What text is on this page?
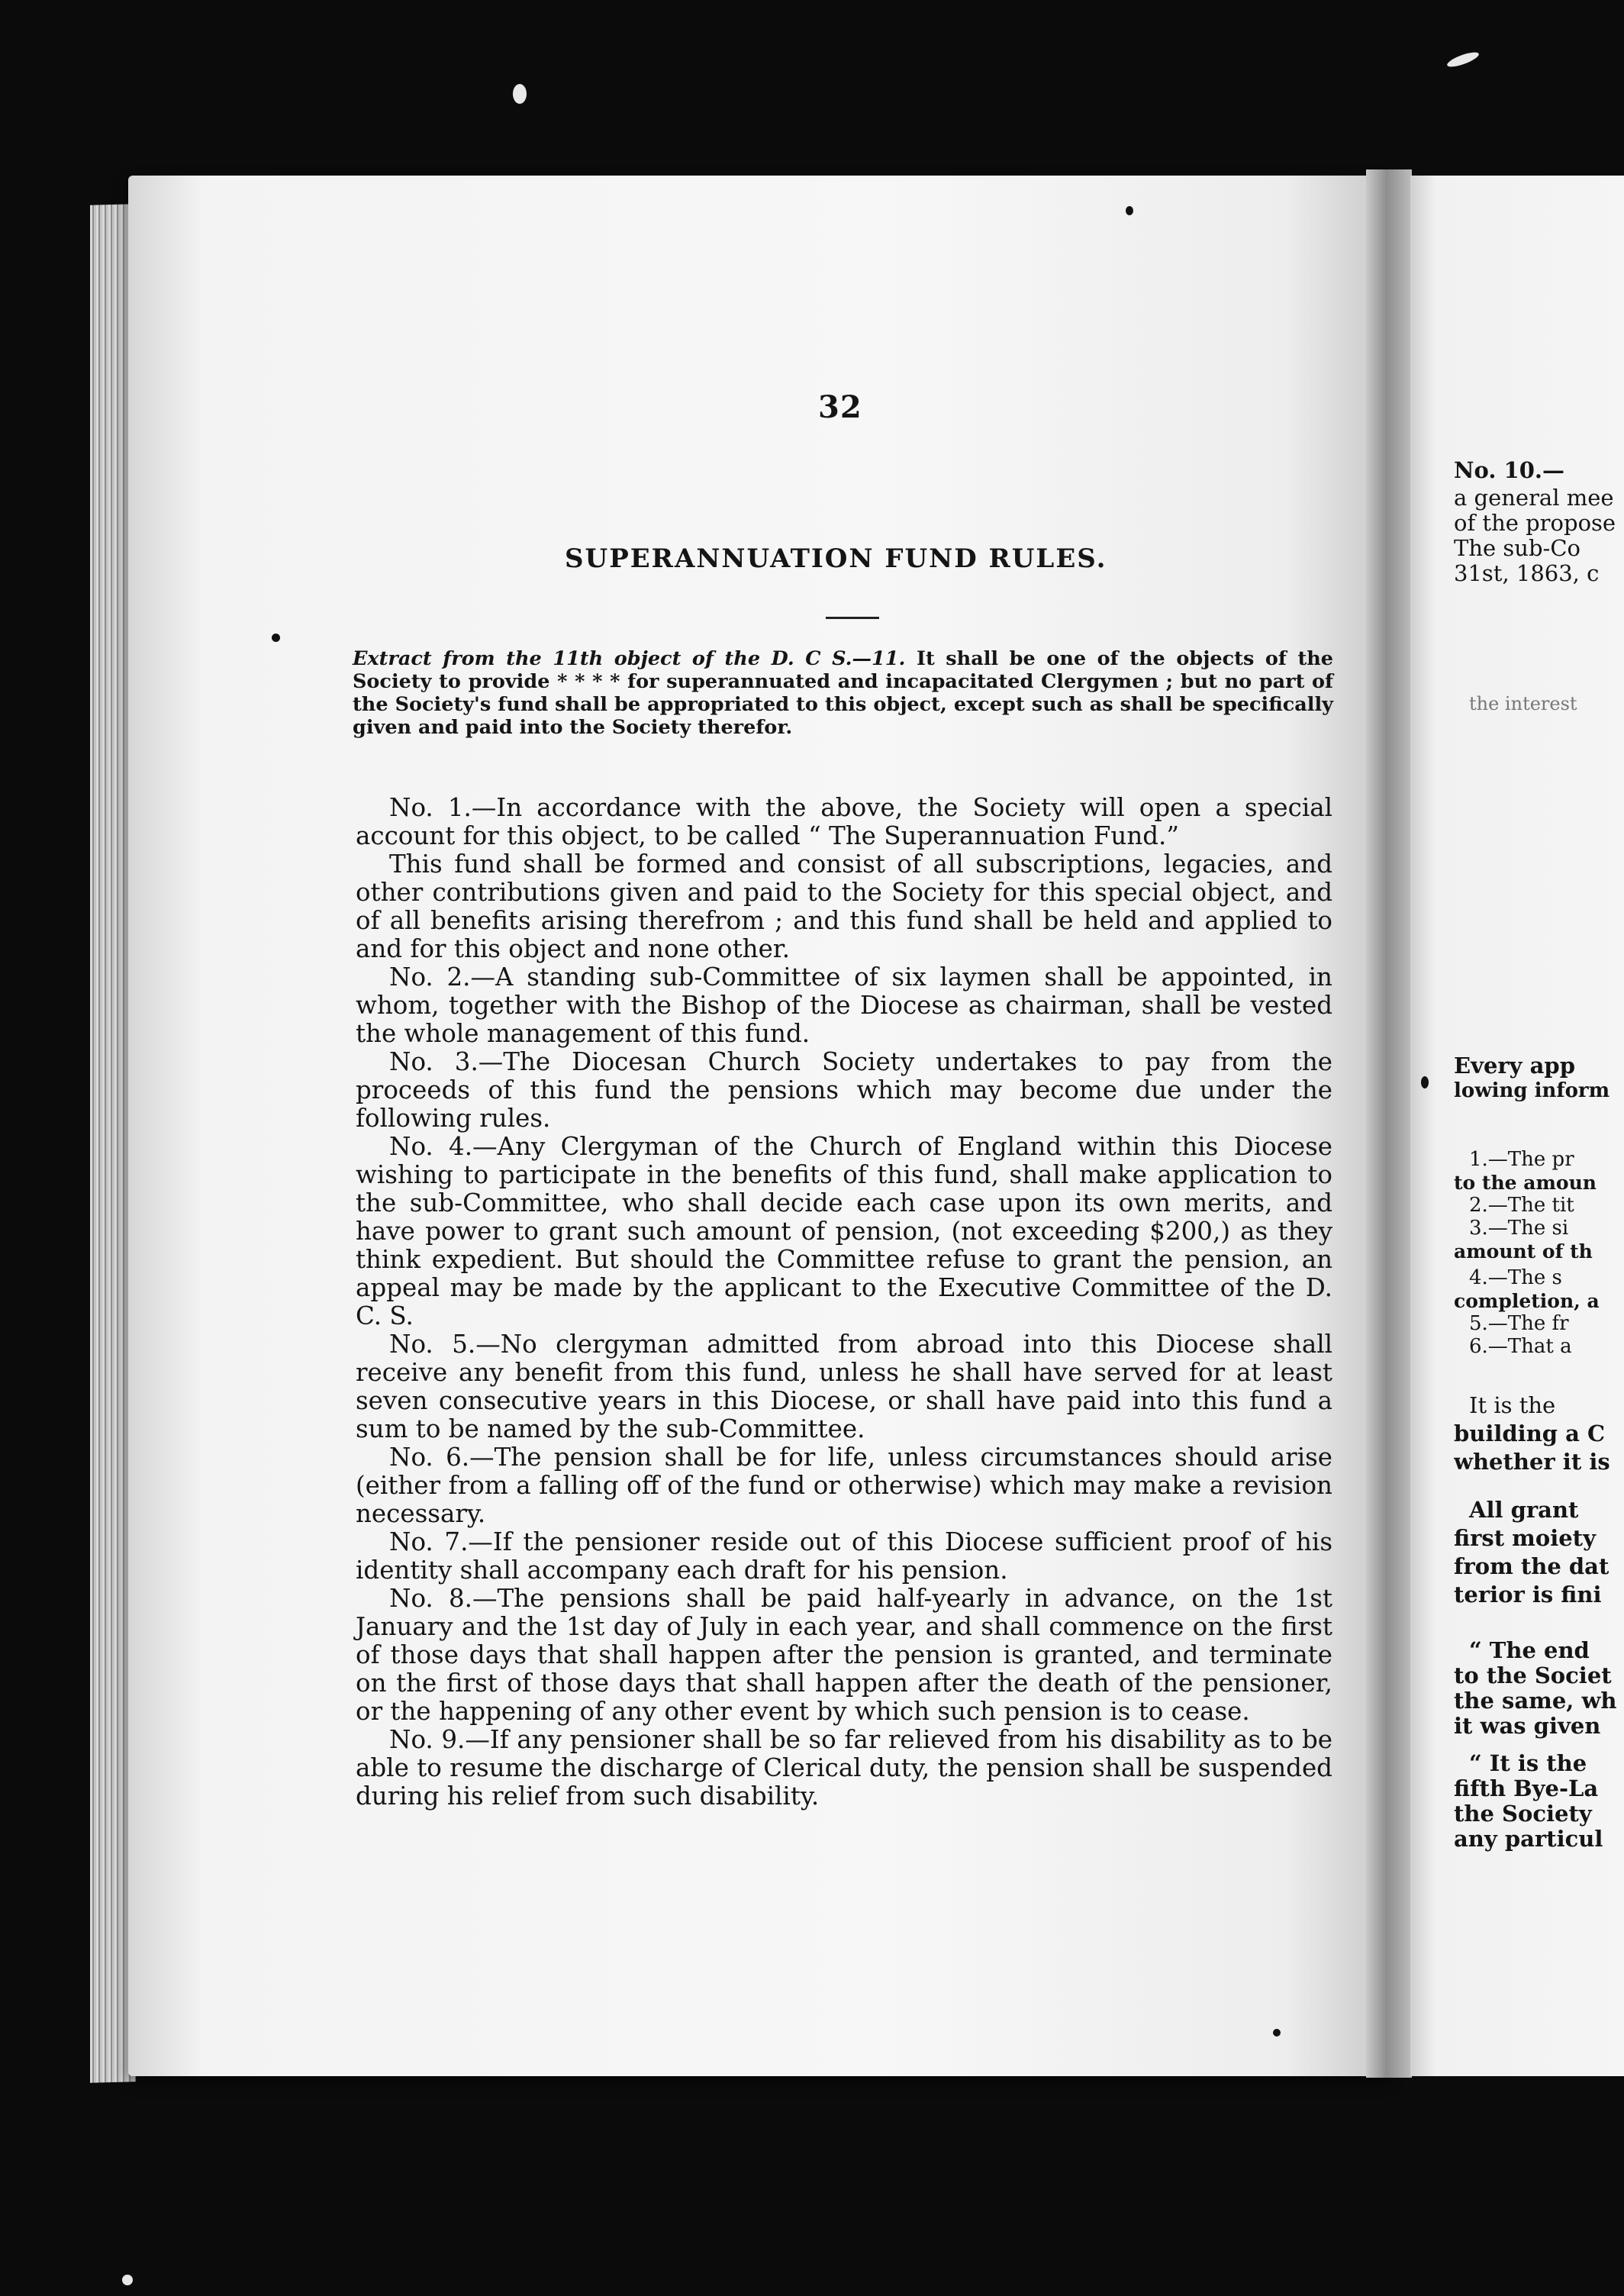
32
SUPERANNUATION FUND RULES.
Extract from the 11th object of the D. C S.—11. It shall be one of the objects of the Society to provide * * * * for superannuated and incapacitated Clergymen ; but no part of the Society's fund shall be appropriated to this object, except such as shall be specifically given and paid into the Society therefor.

No. 1.—In accordance with the above, the Society will open a special account for this object, to be called “ The Superannuation Fund.”

This fund shall be formed and consist of all subscriptions, legacies, and other contributions given and paid to the Society for this special object, and of all benefits arising therefrom ; and this fund shall be held and applied to and for this object and none other.

No. 2.—A standing sub-Committee of six laymen shall be appointed, in whom, together with the Bishop of the Diocese as chairman, shall be vested the whole management of this fund.

No. 3.—The Diocesan Church Society undertakes to pay from the proceeds of this fund the pensions which may become due under the following rules.

No. 4.—Any Clergyman of the Church of England within this Diocese wishing to participate in the benefits of this fund, shall make application to the sub-Committee, who shall decide each case upon its own merits, and have power to grant such amount of pension, (not exceeding $200,) as they think expedient. But should the Committee refuse to grant the pension, an appeal may be made by the applicant to the Executive Committee of the D. C. S.

No. 5.—No clergyman admitted from abroad into this Diocese shall receive any benefit from this fund, unless he shall have served for at least seven consecutive years in this Diocese, or shall have paid into this fund a sum to be named by the sub-Committee.

No. 6.—The pension shall be for life, unless circumstances should arise (either from a falling off of the fund or otherwise) which may make a revision necessary.

No. 7.—If the pensioner reside out of this Diocese sufficient proof of his identity shall accompany each draft for his pension.

No. 8.—The pensions shall be paid half-yearly in advance, on the 1st January and the 1st day of July in each year, and shall commence on the first of those days that shall happen after the pension is granted, and terminate on the first of those days that shall happen after the death of the pensioner, or the happening of any other event by which such pension is to cease.

No. 9.—If any pensioner shall be so far relieved from his disability as to be able to resume the discharge of Clerical duty, the pension shall be suspended during his relief from such disability.

No. 10.—
a general mee
of the propose
The sub-Co
31st, 1863, c
the interest
Every app
lowing inform
1.—The pr
to the amoun
2.—The tit
3.—The si
amount of th
4.—The s
completion, a
5.—The fr
6.—That a
It is the
building a C
whether it is
All grant
first moiety
from the dat
terior is fini
“ The end
to the Societ
the same, wh
it was given
“ It is the
fifth Bye-La
the Society
any particul
